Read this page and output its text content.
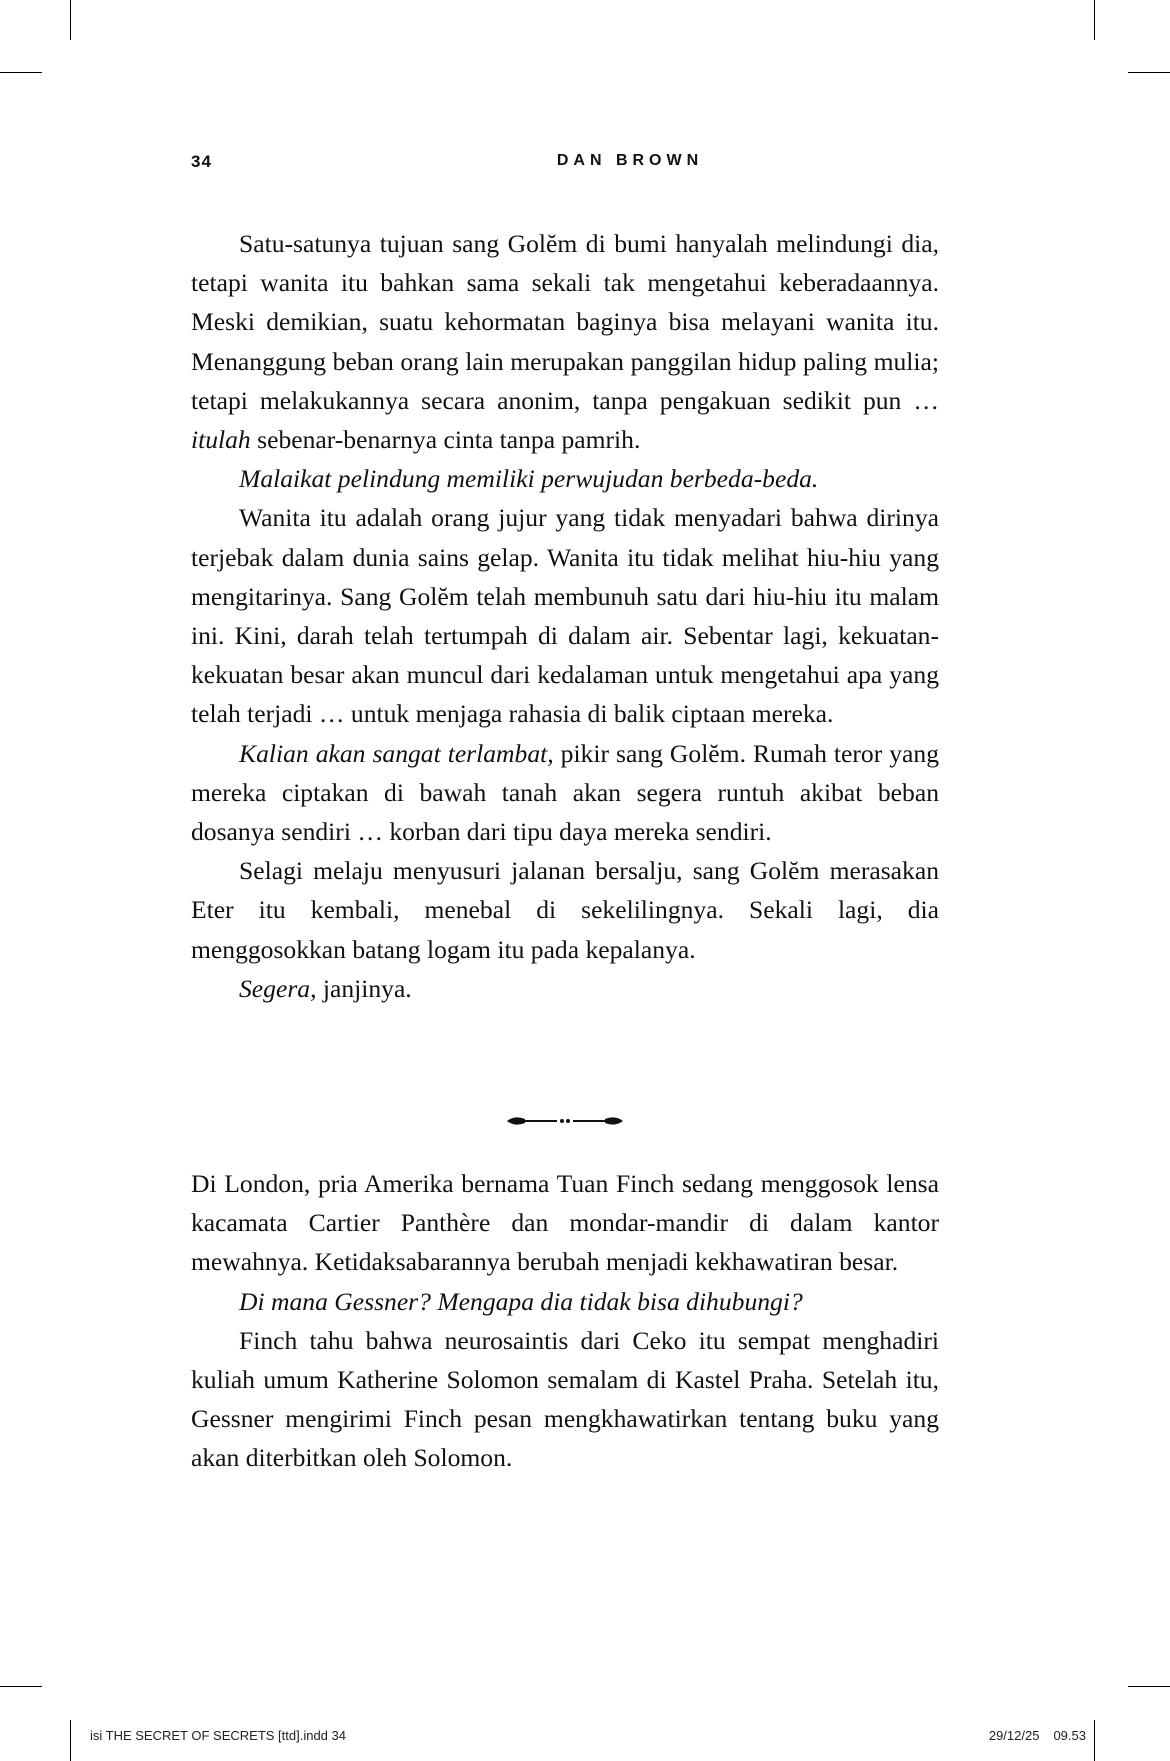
34	DAN BROWN

Satu-satunya tujuan sang Golĕm di bumi hanyalah melindungi dia, tetapi wanita itu bahkan sama sekali tak mengetahui keberadaannya. Meski demikian, suatu kehormatan baginya bisa melayani wanita itu. Menanggung beban orang lain merupakan panggilan hidup paling mulia; tetapi melakukannya secara anonim, tanpa pengakuan sedikit pun … itulah sebenar-benarnya cinta tanpa pamrih.

Malaikat pelindung memiliki perwujudan berbeda-beda.

Wanita itu adalah orang jujur yang tidak menyadari bahwa dirinya terjebak dalam dunia sains gelap. Wanita itu tidak melihat hiu-hiu yang mengitarinya. Sang Golĕm telah membunuh satu dari hiu-hiu itu malam ini. Kini, darah telah tertumpah di dalam air. Sebentar lagi, kekuatan-kekuatan besar akan muncul dari kedalaman untuk mengetahui apa yang telah terjadi … untuk menjaga rahasia di balik ciptaan mereka.

Kalian akan sangat terlambat, pikir sang Golĕm. Rumah teror yang mereka ciptakan di bawah tanah akan segera runtuh akibat beban dosanya sendiri … korban dari tipu daya mereka sendiri.

Selagi melaju menyusuri jalanan bersalju, sang Golĕm merasakan Eter itu kembali, menebal di sekelilingnya. Sekali lagi, dia menggosokkan batang logam itu pada kepalanya.

Segera, janjinya.

Di London, pria Amerika bernama Tuan Finch sedang menggosok lensa kacamata Cartier Panthère dan mondar-mandir di dalam kantor mewahnya. Ketidaksabarannya berubah menjadi kekhawatiran besar.

Di mana Gessner? Mengapa dia tidak bisa dihubungi?

Finch tahu bahwa neurosaintis dari Ceko itu sempat menghadiri kuliah umum Katherine Solomon semalam di Kastel Praha. Setelah itu, Gessner mengirimi Finch pesan mengkhawatirkan tentang buku yang akan diterbitkan oleh Solomon.

isi THE SECRET OF SECRETS [ttd].indd 34	29/12/25 09.53
